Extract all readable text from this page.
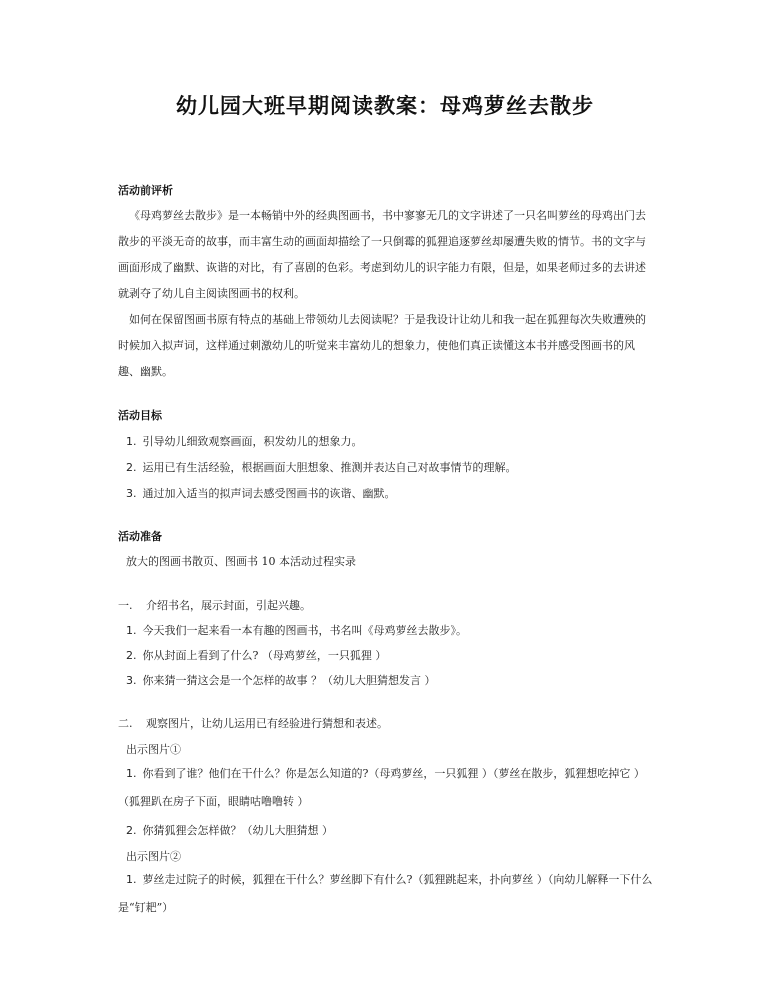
幼儿园大班早期阅读教案：母鸡萝丝去散步
活动前评析
《母鸡萝丝去散步》是一本畅销中外的经典图画书，书中寥寥无几的文字讲述了一只名叫萝丝的母鸡出门去散步的平淡无奇的故事，而丰富生动的画面却描绘了一只倒霉的狐狸追逐萝丝却屡遭失败的情节。书的文字与画面形成了幽默、诙谐的对比，有了喜剧的色彩。考虑到幼儿的识字能力有限，但是，如果老师过多的去讲述就剥夺了幼儿自主阅读图画书的权利。
如何在保留图画书原有特点的基础上带领幼儿去阅读呢？于是我设计让幼儿和我一起在狐狸每次失败遭殃的时候加入拟声词，这样通过刺激幼儿的听觉来丰富幼儿的想象力，使他们真正读懂这本书并感受图画书的风趣、幽默。
活动目标
1. 引导幼儿细致观察画面，积发幼儿的想象力。
2. 运用已有生活经验，根据画面大胆想象、推测并表达自己对故事情节的理解。
3. 通过加入适当的拟声词去感受图画书的诙谐、幽默。
活动准备
放大的图画书散页、图画书 10 本活动过程实录
一. 介绍书名，展示封面，引起兴趣。
1. 今天我们一起来看一本有趣的图画书，书名叫《母鸡萝丝去散步》。
2. 你从封面上看到了什么? （母鸡萝丝，一只狐狸 ）
3. 你来猜一猜这会是一个怎样的故事 ？（幼儿大胆猜想发言 ）
二. 观察图片，让幼儿运用已有经验进行猜想和表述。
出示图片①
1. 你看到了谁？他们在干什么？你是怎么知道的?（母鸡萝丝，一只狐狸 ）（萝丝在散步，狐狸想吃掉它 ）（狐狸趴在房子下面，眼睛咕噜噜转 ）
2. 你猜狐狸会怎样做？（幼儿大胆猜想 ）
出示图片②
1. 萝丝走过院子的时候，狐狸在干什么？萝丝脚下有什么?（狐狸跳起来，扑向萝丝 ）（向幼儿解释一下什么是“钉耙”）
